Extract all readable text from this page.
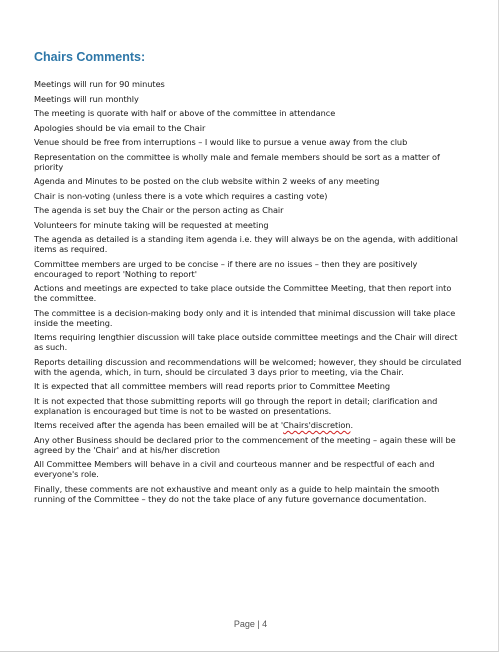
Chairs Comments:
Meetings will run for 90 minutes
Meetings will run monthly
The meeting is quorate with half or above of the committee in attendance
Apologies should be via email to the Chair
Venue should be free from interruptions – I would like to pursue a venue away from the club
Representation on the committee is wholly male and female members should be sort as a matter of priority
Agenda and Minutes to be posted on the club website within 2 weeks of any meeting
Chair is non-voting (unless there is a vote which requires a casting vote)
The agenda is set buy the Chair or the person acting as Chair
Volunteers for minute taking will be requested at meeting
The agenda as detailed is a standing item agenda i.e. they will always be on the agenda, with additional items as required.
Committee members are urged to be concise – if there are no issues – then they are positively encouraged to report 'Nothing to report'
Actions and meetings are expected to take place outside the Committee Meeting, that then report into the committee.
The committee is a decision-making body only and it is intended that minimal discussion will take place inside the meeting.
Items requiring lengthier discussion will take place outside committee meetings and the Chair will direct as such.
Reports detailing discussion and recommendations will be welcomed; however, they should be circulated with the agenda, which, in turn, should be circulated 3 days prior to meeting, via the Chair.
It is expected that all committee members will read reports prior to Committee Meeting
It is not expected that those submitting reports will go through the report in detail; clarification and explanation is encouraged but time is not to be wasted on presentations.
Items received after the agenda has been emailed will be at 'Chairs'discretion.
Any other Business should be declared prior to the commencement of the meeting – again these will be agreed by the 'Chair' and at his/her discretion
All Committee Members will behave in a civil and courteous manner and be respectful of each and everyone's role.
Finally, these comments are not exhaustive and meant only as a guide to help maintain the smooth running of the Committee – they do not the take place of any future governance documentation.
Page | 4
